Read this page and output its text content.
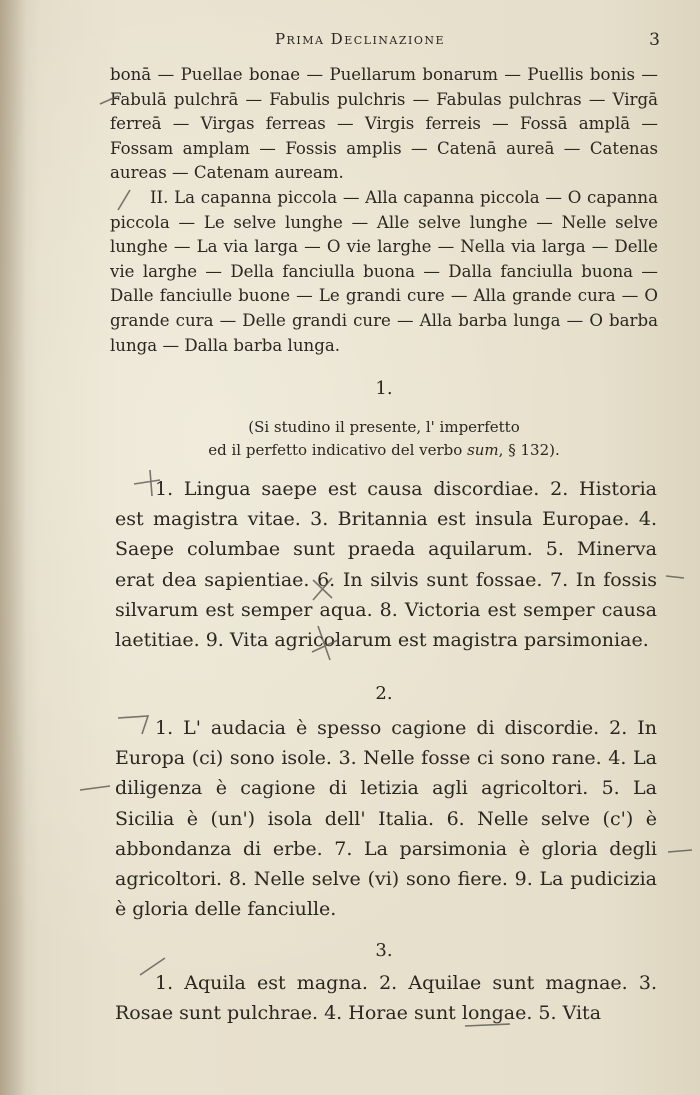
Prima Declinazione	3
bonā — Puellae bonae — Puellarum bonarum — Puellis bonis — Fabulā pulchrā — Fabulis pulchris — Fabulas pulchras — Virgā ferreā — Virgas ferreas — Virgis ferreis — Fossā amplā — Fossam amplam — Fossis amplis — Catenā aureā — Catenas aureas — Catenam auream.
II. La capanna piccola — Alla capanna piccola — O capanna piccola — Le selve lunghe — Alle selve lunghe — Nelle selve lunghe — La via larga — O vie larghe — Nella via larga — Delle vie larghe — Della fanciulla buona — Dalla fanciulla buona — Dalle fanciulle buone — Le grandi cure — Alla grande cura — O grande cura — Delle grandi cure — Alla barba lunga — O barba lunga — Dalla barba lunga.
1.
(Si studino il presente, l' imperfetto
ed il perfetto indicativo del verbo sum, § 132).
1. Lingua saepe est causa discordiae. 2. Historia est magistra vitae. 3. Britannia est insula Europae. 4. Saepe columbae sunt praeda aquilarum. 5. Minerva erat dea sapientiae. 6. In silvis sunt fossae. 7. In fossis silvarum est semper aqua. 8. Victoria est semper causa laetitiae. 9. Vita agricolarum est magistra parsimoniae.
2.
1. L' audacia è spesso cagione di discordie. 2. In Europa (ci) sono isole. 3. Nelle fosse ci sono rane. 4. La diligenza è cagione di letizia agli agricoltori. 5. La Sicilia è (un') isola dell' Italia. 6. Nelle selve (c') è abbondanza di erbe. 7. La parsimonia è gloria degli agricoltori. 8. Nelle selve (vi) sono fiere. 9. La pudicizia è gloria delle fanciulle.
3.
1. Aquila est magna. 2. Aquilae sunt magnae. 3. Rosae sunt pulchrae. 4. Horae sunt longae. 5. Vita
